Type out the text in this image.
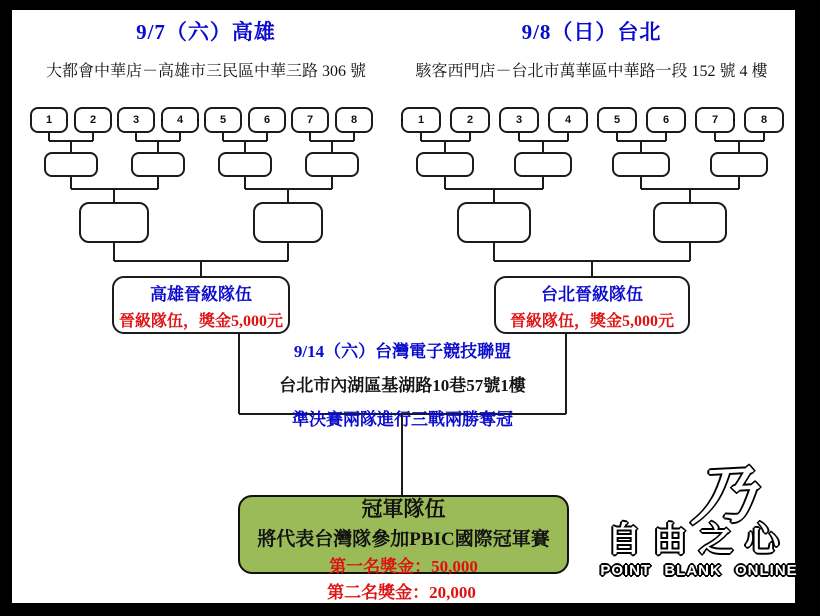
9/7（六）高雄	9/8（日）台北
大都會中華店－高雄市三民區中華三路 306 號	駭客西門店－台北市萬華區中華路一段 152 號 4 樓
1	2	3	4	5	6	7	8	1	2	3	4	5	6	7	8
高雄晉級隊伍
晉級隊伍，獎金5,000元
台北晉級隊伍
晉級隊伍，獎金5,000元
9/14（六）台灣電子競技聯盟
台北市內湖區基湖路10巷57號1樓
準決賽兩隊進行三戰兩勝奪冠
冠軍隊伍
將代表台灣隊參加PBIC國際冠軍賽
第一名獎金：50,000
第二名獎金：20,000
乃
自由之心
POINT BLANK ONLINE
